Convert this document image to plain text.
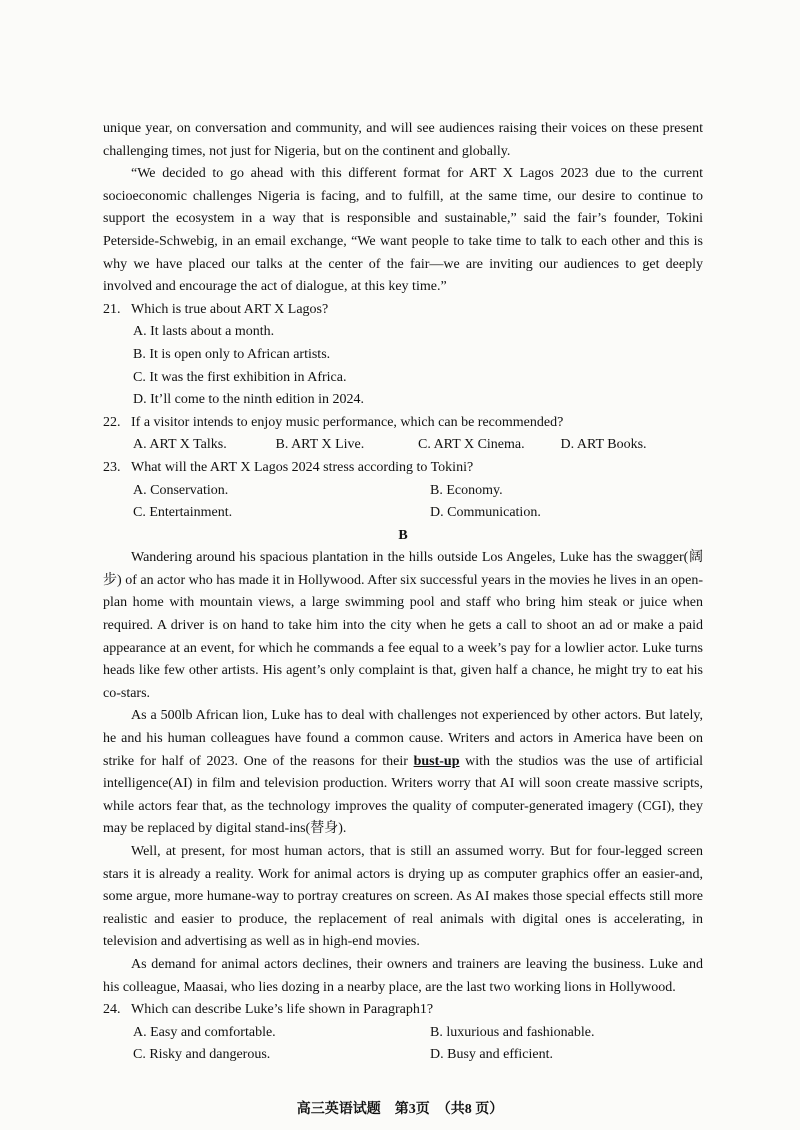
unique year, on conversation and community, and will see audiences raising their voices on these present challenging times, not just for Nigeria, but on the continent and globally.

“We decided to go ahead with this different format for ART X Lagos 2023 due to the current socioeconomic challenges Nigeria is facing, and to fulfill, at the same time, our desire to continue to support the ecosystem in a way that is responsible and sustainable,” said the fair’s founder, Tokini Peterside-Schwebig, in an email exchange, “We want people to take time to talk to each other and this is why we have placed our talks at the center of the fair—we are inviting our audiences to get deeply involved and encourage the act of dialogue, at this key time.”

21. Which is true about ART X Lagos?
A. It lasts about a month.
B. It is open only to African artists.
C. It was the first exhibition in Africa.
D. It’ll come to the ninth edition in 2024.
22. If a visitor intends to enjoy music performance, which can be recommended?
A. ART X Talks.	B. ART X Live.	C. ART X Cinema.	D. ART Books.
23. What will the ART X Lagos 2024 stress according to Tokini?
A. Conservation.	B. Economy.
C. Entertainment.	D. Communication.

B

Wandering around his spacious plantation in the hills outside Los Angeles, Luke has the swagger(阔步) of an actor who has made it in Hollywood. After six successful years in the movies he lives in an open-plan home with mountain views, a large swimming pool and staff who bring him steak or juice when required. A driver is on hand to take him into the city when he gets a call to shoot an ad or make a paid appearance at an event, for which he commands a fee equal to a week’s pay for a lowlier actor. Luke turns heads like few other artists. His agent’s only complaint is that, given half a chance, he might try to eat his co-stars.

As a 500lb African lion, Luke has to deal with challenges not experienced by other actors. But lately, he and his human colleagues have found a common cause. Writers and actors in America have been on strike for half of 2023. One of the reasons for their bust-up with the studios was the use of artificial intelligence(AI) in film and television production. Writers worry that AI will soon create massive scripts, while actors fear that, as the technology improves the quality of computer-generated imagery (CGI), they may be replaced by digital stand-ins(替身).

Well, at present, for most human actors, that is still an assumed worry. But for four-legged screen stars it is already a reality. Work for animal actors is drying up as computer graphics offer an easier-and, some argue, more humane-way to portray creatures on screen. As AI makes those special effects still more realistic and easier to produce, the replacement of real animals with digital ones is accelerating, in television and advertising as well as in high-end movies.

As demand for animal actors declines, their owners and trainers are leaving the business. Luke and his colleague, Maasai, who lies dozing in a nearby place, are the last two working lions in Hollywood.

24. Which can describe Luke’s life shown in Paragraph1?
A. Easy and comfortable.	B. luxurious and fashionable.
C. Risky and dangerous.	D. Busy and efficient.
高三英语试题　第3页　（共8 页）
